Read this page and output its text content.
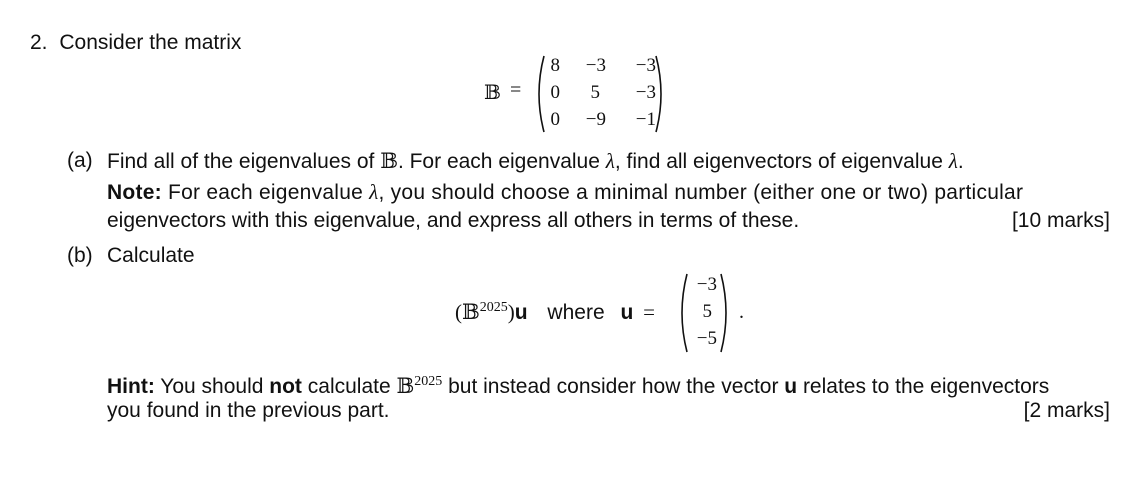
2. Consider the matrix
𝔹 =
8	−3	−3
0	5	−3
0	−9	−1
(a) Find all of the eigenvalues of 𝔹. For each eigenvalue λ, find all eigenvectors of eigenvalue λ.
Note: For each eigenvalue λ, you should choose a minimal number (either one or two) particular
eigenvectors with this eigenvalue, and express all others in terms of these.	[10 marks]
(b) Calculate
(𝔹$^{2025}$)u where u =
−3
5
−5
.
Hint: You should not calculate 𝔹$^{2025}$ but instead consider how the vector u relates to the eigenvectors
you found in the previous part.	[2 marks]
